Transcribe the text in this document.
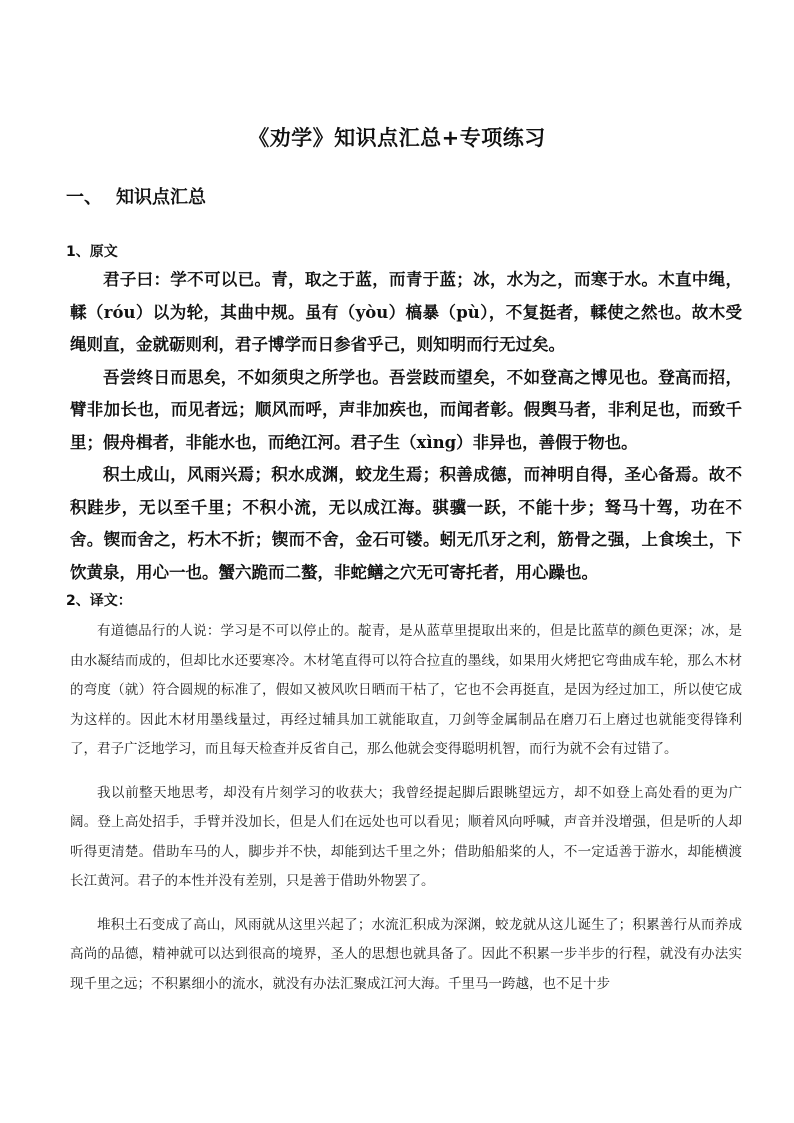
《劝学》知识点汇总+专项练习
一、 知识点汇总
1、原文

君子曰：学不可以已。青，取之于蓝，而青于蓝；冰，水为之，而寒于水。木直中绳，輮（róu）以为轮，其曲中规。虽有（yòu）槁暴（pù），不复挺者，輮使之然也。故木受绳则直，金就砺则利，君子博学而日参省乎己，则知明而行无过矣。

吾尝终日而思矣，不如须臾之所学也。吾尝跂而望矣，不如登高之博见也。登高而招，臂非加长也，而见者远；顺风而呼，声非加疾也，而闻者彰。假舆马者，非利足也，而致千里；假舟楫者，非能水也，而绝江河。君子生（xìng）非异也，善假于物也。

积土成山，风雨兴焉；积水成渊，蛟龙生焉；积善成德，而神明自得，圣心备焉。故不积跬步，无以至千里；不积小流，无以成江海。骐骥一跃，不能十步；驽马十驾，功在不舍。锲而舍之，朽木不折；锲而不舍，金石可镂。蚓无爪牙之利，筋骨之强，上食埃土，下饮黄泉，用心一也。蟹六跪而二螯，非蛇鳝之穴无可寄托者，用心躁也。

2、译文：

有道德品行的人说：学习是不可以停止的。靛青，是从蓝草里提取出来的，但是比蓝草的颜色更深；冰，是由水凝结而成的，但却比水还要寒冷。木材笔直得可以符合拉直的墨线，如果用火烤把它弯曲成车轮，那么木材的弯度（就）符合圆规的标准了，假如又被风吹日晒而干枯了，它也不会再挺直，是因为经过加工，所以使它成为这样的。因此木材用墨线量过，再经过辅具加工就能取直，刀剑等金属制品在磨刀石上磨过也就能变得锋利了，君子广泛地学习，而且每天检查并反省自己，那么他就会变得聪明机智，而行为就不会有过错了。

我以前整天地思考，却没有片刻学习的收获大；我曾经提起脚后跟眺望远方，却不如登上高处看的更为广阔。登上高处招手，手臂并没加长，但是人们在远处也可以看见；顺着风向呼喊，声音并没增强，但是听的人却听得更清楚。借助车马的人，脚步并不快，却能到达千里之外；借助船船桨的人，不一定适善于游水，却能横渡长江黄河。君子的本性并没有差别，只是善于借助外物罢了。

堆积土石变成了高山，风雨就从这里兴起了；水流汇积成为深渊，蛟龙就从这儿诞生了；积累善行从而养成高尚的品德，精神就可以达到很高的境界，圣人的思想也就具备了。因此不积累一步半步的行程，就没有办法实现千里之远；不积累细小的流水，就没有办法汇聚成江河大海。千里马一跨越，也不足十步
